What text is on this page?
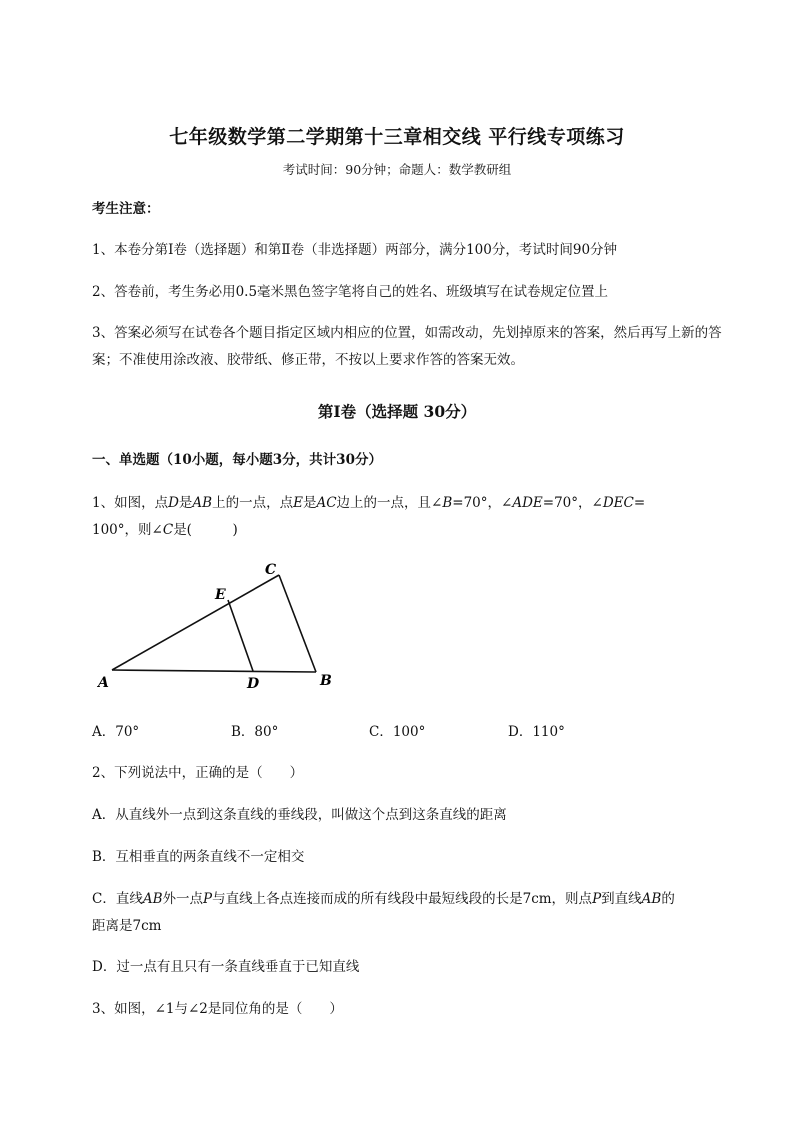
七年级数学第二学期第十三章相交线 平行线专项练习
考试时间：90分钟；命题人：数学教研组
考生注意：
1、本卷分第I卷（选择题）和第Ⅱ卷（非选择题）两部分，满分100分，考试时间90分钟
2、答卷前，考生务必用0.5毫米黑色签字笔将自己的姓名、班级填写在试卷规定位置上
3、答案必须写在试卷各个题目指定区域内相应的位置，如需改动，先划掉原来的答案，然后再写上新的答案；不准使用涂改液、胶带纸、修正带，不按以上要求作答的答案无效。
第I卷（选择题 30分）
一、单选题（10小题，每小题3分，共计30分）
1、如图，点D是AB上的一点，点E是AC边上的一点，且∠B=70°，∠ADE=70°，∠DEC=
100°，则∠C是(　　　)
A	D	B
C
E
A．70°	B．80°	C．100°	D．110°
2、下列说法中，正确的是（　　）
A．从直线外一点到这条直线的垂线段，叫做这个点到这条直线的距离
B．互相垂直的两条直线不一定相交
C．直线AB外一点P与直线上各点连接而成的所有线段中最短线段的长是7cm，则点P到直线AB的
距离是7cm
D．过一点有且只有一条直线垂直于已知直线
3、如图，∠1与∠2是同位角的是（　　）
